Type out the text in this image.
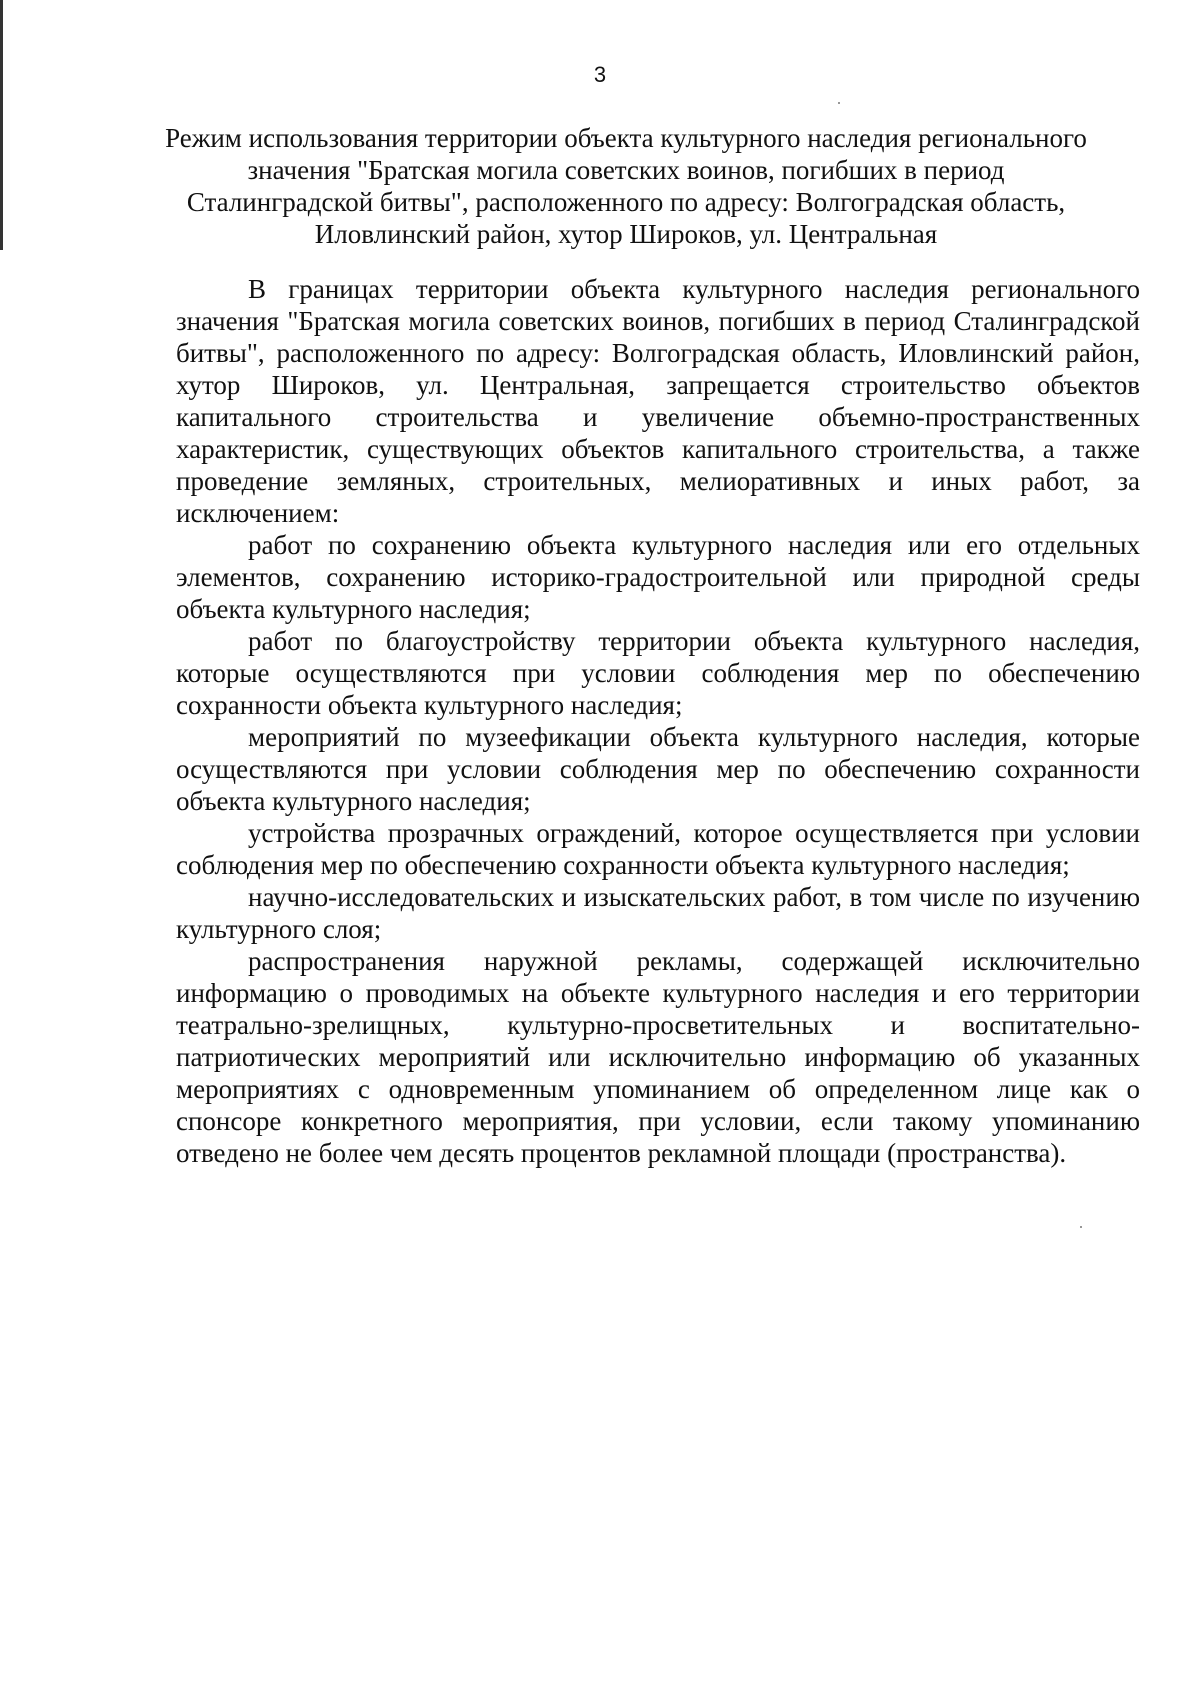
3
Режим использования территории объекта культурного наследия регионального значения "Братская могила советских воинов, погибших в период Сталинградской битвы", расположенного по адресу: Волгоградская область, Иловлинский район, хутор Широков, ул. Центральная

В границах территории объекта культурного наследия регионального значения "Братская могила советских воинов, погибших в период Сталинградской битвы", расположенного по адресу: Волгоградская область, Иловлинский район, хутор Широков, ул. Центральная, запрещается строительство объектов капитального строительства и увеличение объемно-пространственных характеристик, существующих объектов капитального строительства, а также проведение земляных, строительных, мелиоративных и иных работ, за исключением:

работ по сохранению объекта культурного наследия или его отдельных элементов, сохранению историко-градостроительной или природной среды объекта культурного наследия;

работ по благоустройству территории объекта культурного наследия, которые осуществляются при условии соблюдения мер по обеспечению сохранности объекта культурного наследия;

мероприятий по музеефикации объекта культурного наследия, которые осуществляются при условии соблюдения мер по обеспечению сохранности объекта культурного наследия;

устройства прозрачных ограждений, которое осуществляется при условии соблюдения мер по обеспечению сохранности объекта культурного наследия;

научно-исследовательских и изыскательских работ, в том числе по изучению культурного слоя;

распространения наружной рекламы, содержащей исключительно информацию о проводимых на объекте культурного наследия и его территории театрально-зрелищных, культурно-просветительных и воспитательно-патриотических мероприятий или исключительно информацию об указанных мероприятиях с одновременным упоминанием об определенном лице как о спонсоре конкретного мероприятия, при условии, если такому упоминанию отведено не более чем десять процентов рекламной площади (пространства).
